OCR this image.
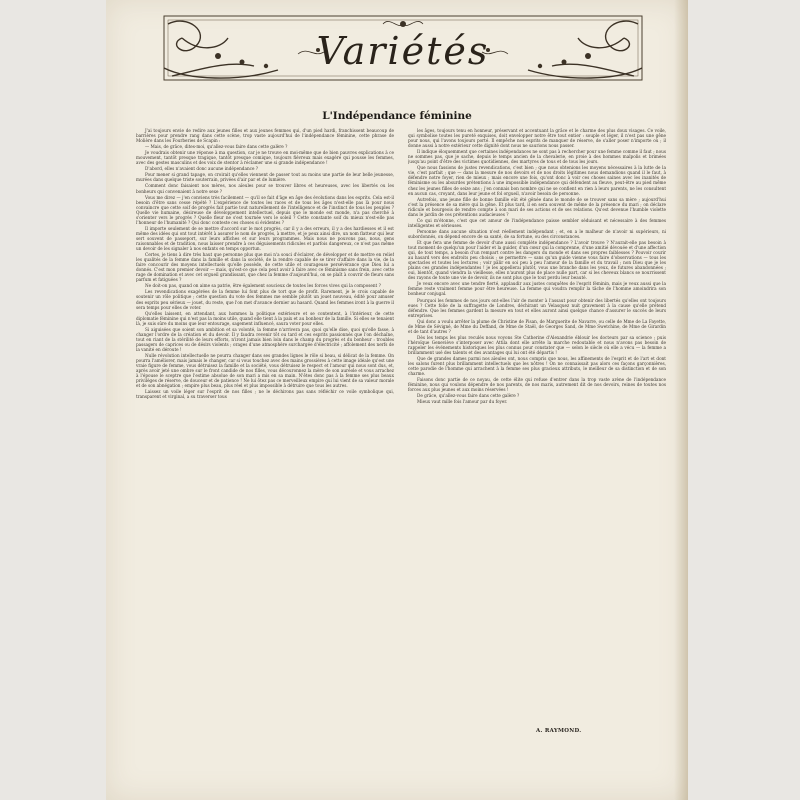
Variétés
L'Indépendance féminine

J'ai toujours envie de redire aux jeunes filles et aux jeunes femmes qui, d'un pied hardi, franchissent beaucoup de barrières pour prendre rang dans cette scène, trop vaste aujourd'hui de l'indépendance féminine, cette phrase de Molière dans les Fourberies de Scapin :

— Mais, de grâce, dites-moi, qu'allez-vous faire dans cette galère ?

Je voudrais obtenir une réponse à ma question, car je ne trouve en moi-même que de bien pauvres explications à ce mouvement, tantôt presque tragique, tantôt presque comique, toujours fiévreux mais exagéré qui pousse les femmes, avec des gestes masculins et des voix de stentor à réclamer une si grande indépendance !

D'abord, elles n'avaient donc aucune indépendance ?

Pour mener si grand tapage, on croirait qu'elles viennent de passer tout au moins une partie de leur belle jeunesse, murées dans quelque triste souterrain, privées d'air par et de lumière.

Comment donc faisaient nos mères, nos aïeules pour se trouver libres et heureuses, avec les libertés ou les bonheurs qui convenaient à notre sexe ?

Vous me direz — j'en conviens très facilement — qu'il se fait d'âge en âge des évolutions dans les esprits. Cela est-il besoin d'être sans cesse répété ? L'expérience de toutes les races et de tous les âges n'est-elle pas là pour nous convaincre que cette soif de progrès fait partie tout naturellement de l'intelligence et de l'instinct de tous les peuples ? Quelle vie humaine, désireuse de développement intellectuel, depuis que le monde est monde, n'a pas cherché à s'orienter vers le progrès ? Quelle fleur ne s'est tournée vers le soleil ? Cette constante soif du mieux n'est-elle pas l'honneur de l'humanité ? Qui donc conteste ces choses si évidentes ?

Il importe seulement de se mettre d'accord sur le mot progrès, car il y a des erreurs, il y a des hardiesses et il est même des idées qui ont tout intérêt à assurer le nom de progrès, à mettre, et je peux ainsi dire, un nom flatteur qui leur sert souvent de passeport, sur leurs affiches et sur leurs programmes. Mais nous ne pouvons pas, nous, gens raisonnables et de tradition, nous laisser prendre à ces déguisements ridicules et parfois dangereux, ce n'est pas même un devoir de les signaler à nos enfants en temps opportun.

Certes, je tiens à dire très haut que personne plus que moi n'a souci d'éclairer, de développer et de mettre en relief les qualités de la femme dans la famille et dans la société, de la rendre capable de se tirer d'affaire dans la vie, de la faire concourir des moyens intellectuels qu'elle possède, de cette utile et courageuse persévérance que Dieu lui a donnés. C'est mon premier devoir — mais, qu'est-ce que cela peut avoir à faire avec ce féminisme sans frein, avec cette rage de domination et avec cet orgueil grandissant, que chez la femme d'aujourd'hui, on se plaît à couvrir de fleurs sans parfum et fatiguées ?

Ne doit-on pas, quand on aime sa patrie, être également soucieux de toutes les forces vives qui la composent ?

Les revendications exagérées de la femme lui font plus de tort que de profit. Rarement, je le crois capable de soutenir un rôle politique ; cette question du vote des femmes me semble plutôt un jouet nouveau, édité pour amuser des esprits peu sérieux — jouet, du reste, que l'on met d'avance dernier au hasard. Quand les femmes iront à la guerre il sera temps pour elles de voter.

Qu'elles laissent, en attendant, aux hommes la politique extérieure et se contentent, à l'intérieur, de cette diplomatie féminine qui n'est pas la moins utile, quand elle tient à la paix et au bonheur de la famille. Si elles se tenaient là, je suis sûre du moins que leur entourage, sagement influencé, saura voter pour elles.

Si aiguisées que soient son ambition et sa volonté, la femme n'arrivera pas, quoi qu'elle dise, quoi qu'elle fasse, à changer l'ordre de la création et du devoir. Il y faudra revenir tôt ou tard et ces esprits passionnés que l'on déchaîne, tout en riant de la stérilité de leurs efforts, n'iront jamais bien loin dans le champ du progrès et du bonheur : troubles passagers de caprices ou de désirs violents ; orages d'une atmosphère surchargée d'électricité ; affolement des nerfs de la vanité en déroute !

Nulle révolution intellectuelle ne pourra changer dans ses grandes lignes le rôle si beau, si délicat de la femme. On pourra l'améliorer, mais jamais le changer, car si vous touchez avec des mains grossières à cette image idéale qu'est une vraie figure de femme, vous détruisez la famille et la société, vous détruisez le respect et l'amour qui nous sont dus, et, après avoir jeté une ombre sur le front candide de nos filles, vous découronnez la mère de son auréole et vous arrachez à l'épouse le sceptre que l'estime absolue de son mari a mis en sa main. N'êtes donc pas à la femme ses plus beaux privilèges de réserve, de douceur et de patience ! Ne lui ôtez pas ce merveilleux empire qui lui vient de sa valeur morale et de son abnégation ; empire plus beau, plus réel et plus impossible à détruire que tous les autres.

Laissez un voile léger sur l'esprit de nos filles ; ne le déchirons pas sans réfléchir ce voile symbolique qui, transparent et virginal, a su traverser tous

les âges, toujours tenu en honneur, préservant et accentuant la grâce et le charme des plus doux visages. Ce voile, qui symbolise toutes les pureté exquises, doit envelopper notre être tout entier : souple et léger, il n'est pas une gêne pour nous, qui l'avons toujours porté. Il empêche nos esprits de manquer de réserve, de s'aller poser n'importe où ; il donne aussi à notre extérieur cette dignité dont nous ne saurions nous passer.

Il indique éloquemment que certaines indépendances ne sont pas à rechercher pour une femme comme il faut ; nous ne sommes pas, que je sache, depuis le temps ancien de la chevalerie, en proie à des hommes malpolis et brimées jusqu'au point d'être des victimes quotidiennes, des martyres de tous et de tous les jours.

Que nous fassions de justes revendications, c'est bien ; que nous obtenions les moyens nécessaires à la lutte de la vie, c'est parfait ; que — dans la mesure de nos devoirs et de nos droits légitimes nous demandions quand il le faut, à défendre notre foyer, rien de mieux ; mais encore une fois, qu'ont donc à voir ces choses saines avec les inanités de féminisme ou les absurdes prétentions à une impossible indépendance qui défendent au fleuve, peut-être au pied même chez les jeunes filles de seize ans ; j'en connais bon nombre qui ne se confient en rien à leurs parents, ne les consultent en aucun cas, croyant, dans leur jeune et fol orgueil, n'avoir besoin de personne.

Autrefois, une jeune fille de bonne famille eût été gênée dans le monde de se trouver sans sa mère ; aujourd'hui c'est la présence de sa mère qui la gêne. Et plus tard, il en sera souvent de même de la présence du mari ; on déclare ridicule et bourgeois de rendre compte à son mari de ses actions et de ses relations. Qu'est devenue l'humble violette dans le jardin de ces prétentions audacieuses ?

Ce qui m'étonne, c'est que cet amour de l'indépendance paisse sembler séduisant et nécessaire à des femmes intelligentes et sérieuses.

Personne dans aucune situation n'est réellement indépendant ; et, en a le malheur de n'avoir ni supérieurs, ni subordonnés, on dépend encore de sa santé, de sa fortune, ou des circonstances.

Et que fera une femme de devoir d'une aussi complète indépendance ? L'avoir trouve ? N'aurait-elle pas besoin à tout moment de quelqu'un pour l'aider et la guider, d'un cœur qui la comprenne, d'une amitié dévouée et d'une affection qui, de tout temps, a besoin d'un rempart contre les dangers du monde et dans ses propres faiblesses ? Pouvoir courir au hasard vers des endroits peu choisis ; se permettre — sans qu'un guide vienne vous faire d'observations — tous les spectacles et toutes les lectures ; voir pâlir en soi peu à peu l'amour de la famille et du travail ; non Dieu que je les plains ces grandes indépendantes ! je les appellerai plutôt, vous une branche dans les yeux, de futures abandonnées ; oui, bientôt, quand viendra la vieillesse, elles n'auront plus de place nulle part, car si les cheveux blancs se nourrissent des rayons de toute une vie de devoir, ils ne sont plus que le tout perdu leur beauté.

Je veux encore avec une tendre fierté, applaudir aux justes conquêtes de l'esprit féminin, mais je veux aussi que la femme reste vraiment femme pour être heureuse. La femme qui voudra remplir la tâche de l'homme amoindrira son bonheur conjugal.

Pourquoi les femmes de nos jours ont-elles l'air de monter à l'assaut pour obtenir des libertés qu'elles ont toujours eues ? Cette folie de la suffragette de Londres, déchirant un Velasquez nuit gravement à la cause qu'elle prétend défendre. Que les femmes gardent la mesure en tout et elles auront ainsi quelque chance d'assurer le succès de leurs entreprises.

Qui donc a voulu arrêter la plume de Christine de Pisan, de Marguerite de Navarre, ou celle de Mme de La Fayette, de Mme de Sévigné, de Mme du Deffand, de Mme de Staël, de Georges Sand, de Mme Swetchine, de Mme de Girardin et de tant d'autres ?

Dès les temps les plus reculés nous voyons Ste Catherine d'Alexandrie éblouir les docteurs par sa science ; puis l'héroïque Geneviève s'interposer avec Attila dont elle arrête la marche redoutable et nous n'avons pas besoin de rappeler les événements historiques les plus connus pour constater que — selon le siècle où elle a vécu — la femme a brillamment usé des talents et des avantages qui lui ont été départis !

Que de grandes dames parmi nos aïeules ont, nous compris que nous, les affinements de l'esprit et de l'art et dont les salons furent plus brillamment intellectuels que les nôtres ! On ne connaissait pas alors ces façons garçonnières, cette parodie de l'homme qui arrachent à la femme ses plus gracieux attributs, le meilleur de sa distinction et de son charme.

Faisons donc partie de ce noyau, de cette élite qui refuse d'entrer dans la trop vaste arène de l'indépendance féminine, nous qui voulons dépendre de nos parents, de nos maris, autrement dit de nos devoirs, reines de toutes nos forces aux plus jeunes et aux moins réservées !

De grâce, qu'allez-vous faire dans cette galère ?

Mieux vaut mille fois l'amour par du foyer.

A. RAYMOND.
